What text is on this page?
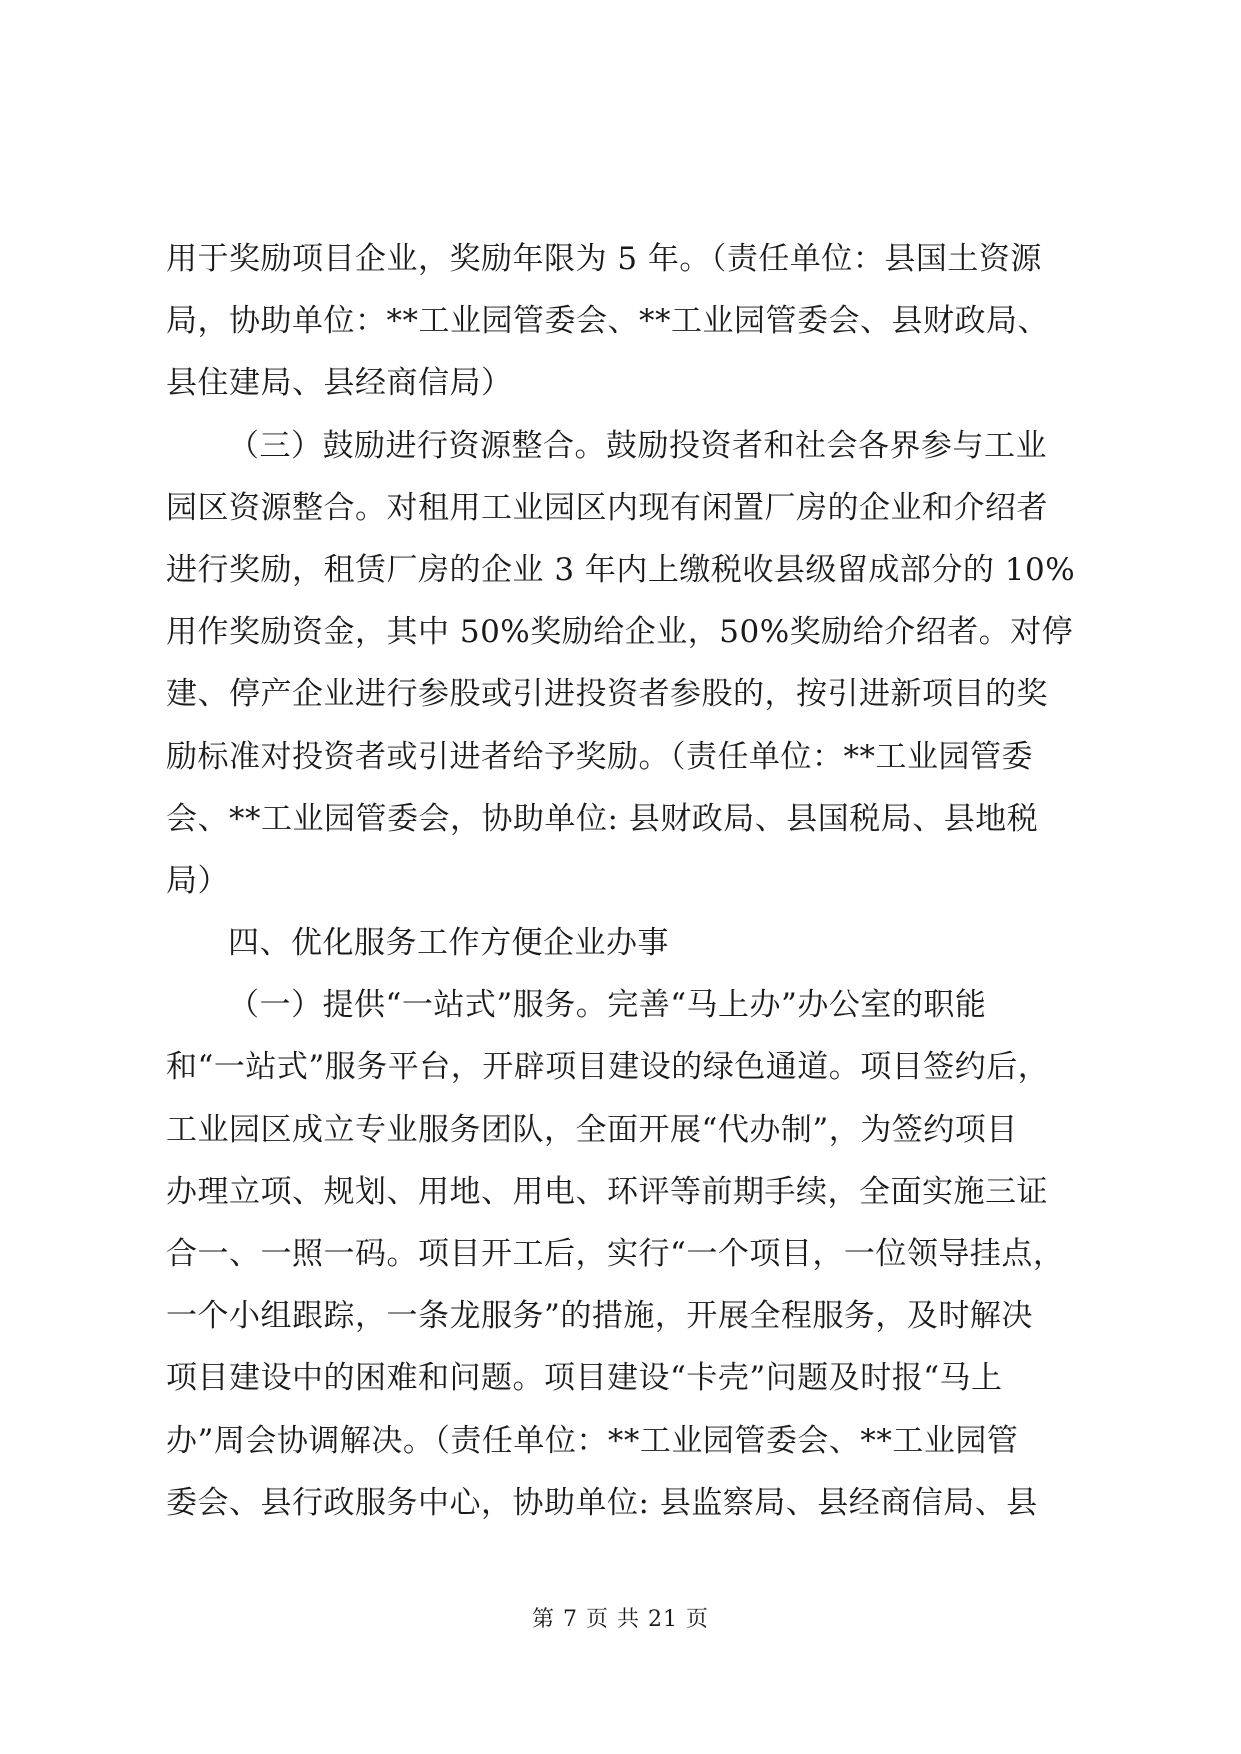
用于奖励项目企业，奖励年限为 5 年。（责任单位：县国土资源
局，协助单位：**工业园管委会、**工业园管委会、县财政局、
县住建局、县经商信局）
（三）鼓励进行资源整合。鼓励投资者和社会各界参与工业
园区资源整合。对租用工业园区内现有闲置厂房的企业和介绍者
进行奖励，租赁厂房的企业 3 年内上缴税收县级留成部分的 10%
用作奖励资金，其中 50%奖励给企业，50%奖励给介绍者。对停
建、停产企业进行参股或引进投资者参股的，按引进新项目的奖
励标准对投资者或引进者给予奖励。（责任单位：**工业园管委
会、**工业园管委会，协助单位: 县财政局、县国税局、县地税
局）
四、优化服务工作方便企业办事
（一）提供“一站式”服务。完善“马上办”办公室的职能
和“一站式”服务平台，开辟项目建设的绿色通道。项目签约后，
工业园区成立专业服务团队，全面开展“代办制”，为签约项目
办理立项、规划、用地、用电、环评等前期手续，全面实施三证
合一、一照一码。项目开工后，实行“一个项目，一位领导挂点，
一个小组跟踪，一条龙服务”的措施，开展全程服务，及时解决
项目建设中的困难和问题。项目建设“卡壳”问题及时报“马上
办”周会协调解决。（责任单位：**工业园管委会、**工业园管
委会、县行政服务中心，协助单位: 县监察局、县经商信局、县
第 7 页 共 21 页
